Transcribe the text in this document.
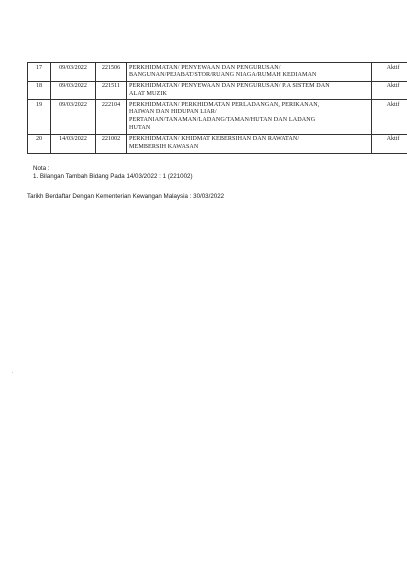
17	09/03/2022	221506	PERKHIDMATAN/ PENYEWAAN DAN PENGURUSAN/
BANGUNAN/PEJABAT/STOR/RUANG NIAGA/RUMAH KEDIAMAN	Aktif
18	09/03/2022	221511	PERKHIDMATAN/ PENYEWAAN DAN PENGURUSAN/ P.A SISTEM DAN
ALAT MUZIK	Aktif
19	09/03/2022	222104	PERKHIDMATAN/ PERKHIDMATAN PERLADANGAN, PERIKANAN,
HAIWAN DAN HIDUPAN LIAR/
PERTANIAN/TANAMAN/LADANG/TAMAN/HUTAN DAN LADANG
HUTAN	Aktif
20	14/03/2022	221002	PERKHIDMATAN/ KHIDMAT KEBERSIHAN DAN RAWATAN/
MEMBERSIH KAWASAN	Aktif
Nota :
1. Bilangan Tambah Bidang Pada 14/03/2022 : 1 (221002)
Tarikh Berdaftar Dengan Kementerian Kewangan Malaysia : 30/03/2022
